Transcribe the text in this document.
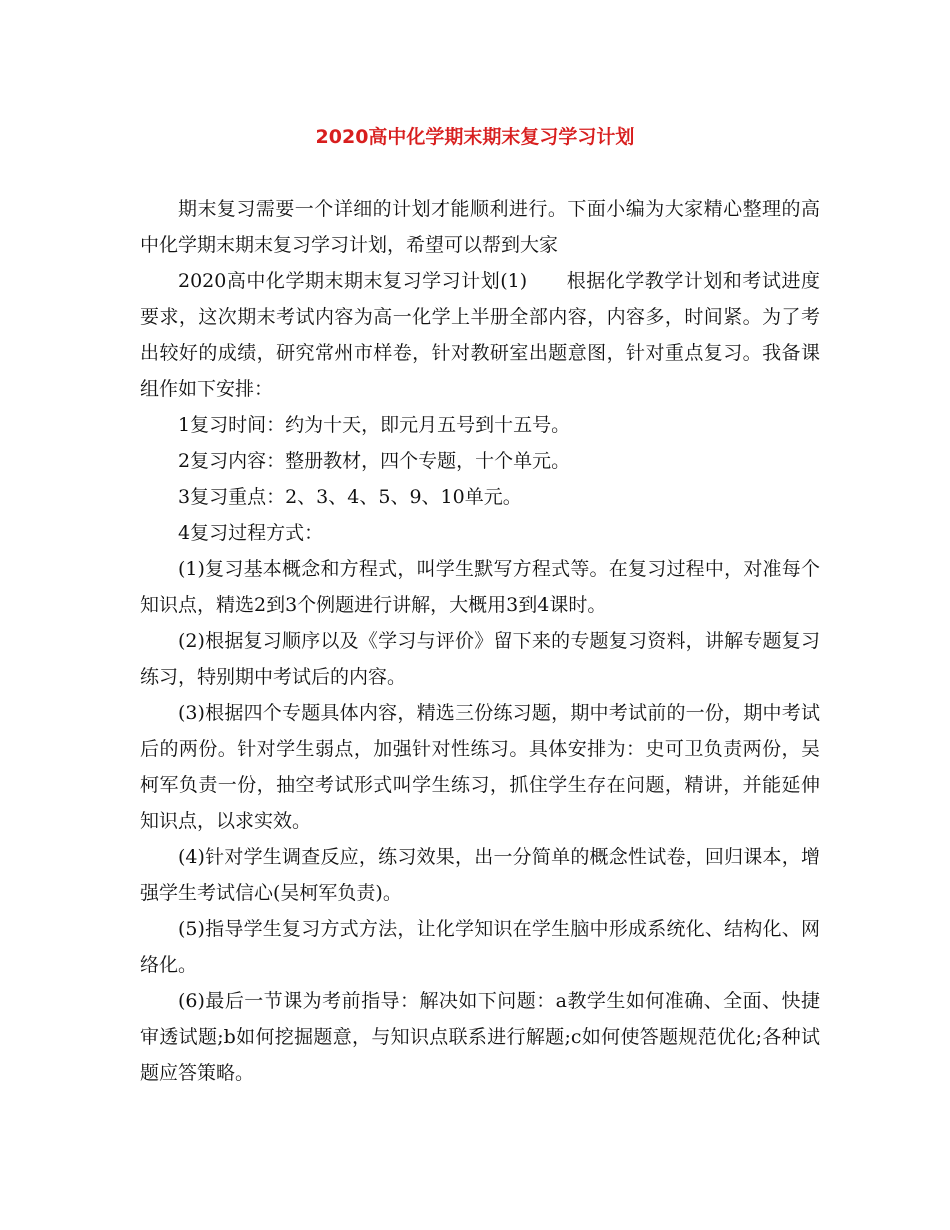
2020高中化学期末期末复习学习计划

期末复习需要一个详细的计划才能顺利进行。下面小编为大家精心整理的高中化学期末期末复习学习计划，希望可以帮到大家

2020高中化学期末期末复习学习计划(1)　　根据化学教学计划和考试进度要求，这次期末考试内容为高一化学上半册全部内容，内容多，时间紧。为了考出较好的成绩，研究常州市样卷，针对教研室出题意图，针对重点复习。我备课组作如下安排：

1复习时间：约为十天，即元月五号到十五号。

2复习内容：整册教材，四个专题，十个单元。

3复习重点：2、3、4、5、9、10单元。

4复习过程方式：

(1)复习基本概念和方程式，叫学生默写方程式等。在复习过程中，对准每个知识点，精选2到3个例题进行讲解，大概用3到4课时。

(2)根据复习顺序以及《学习与评价》留下来的专题复习资料，讲解专题复习练习，特别期中考试后的内容。

(3)根据四个专题具体内容，精选三份练习题，期中考试前的一份，期中考试后的两份。针对学生弱点，加强针对性练习。具体安排为：史可卫负责两份，吴柯军负责一份，抽空考试形式叫学生练习，抓住学生存在问题，精讲，并能延伸知识点，以求实效。

(4)针对学生调查反应，练习效果，出一分简单的概念性试卷，回归课本，增强学生考试信心(吴柯军负责)。

(5)指导学生复习方式方法，让化学知识在学生脑中形成系统化、结构化、网络化。

(6)最后一节课为考前指导：解决如下问题：a教学生如何准确、全面、快捷审透试题;b如何挖掘题意，与知识点联系进行解题;c如何使答题规范优化;各种试题应答策略。
